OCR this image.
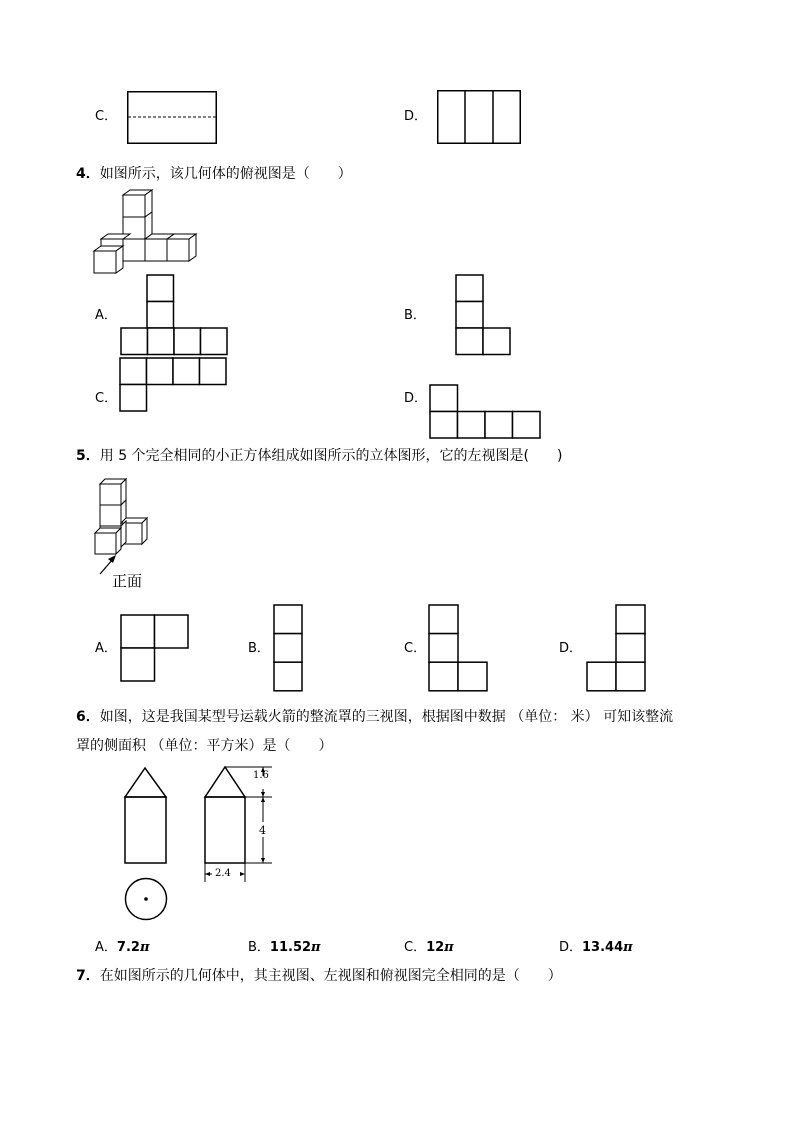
C．	D．
4．如图所示，该几何体的俯视图是（　　）
A．	B．
C．	D．
5．用 5 个完全相同的小正方体组成如图所示的立体图形，它的左视图是(　　)
正面
A．	B．	C．	D．
6．如图，这是我国某型号运载火箭的整流罩的三视图，根据图中数据 （单位： 米） 可知该整流
罩的侧面积 （单位：平方米）是（　　）
1.6
4
2.4
A．7.2π	B．11.52π	C．12π	D．13.44π
7．在如图所示的几何体中，其主视图、左视图和俯视图完全相同的是（　　）
